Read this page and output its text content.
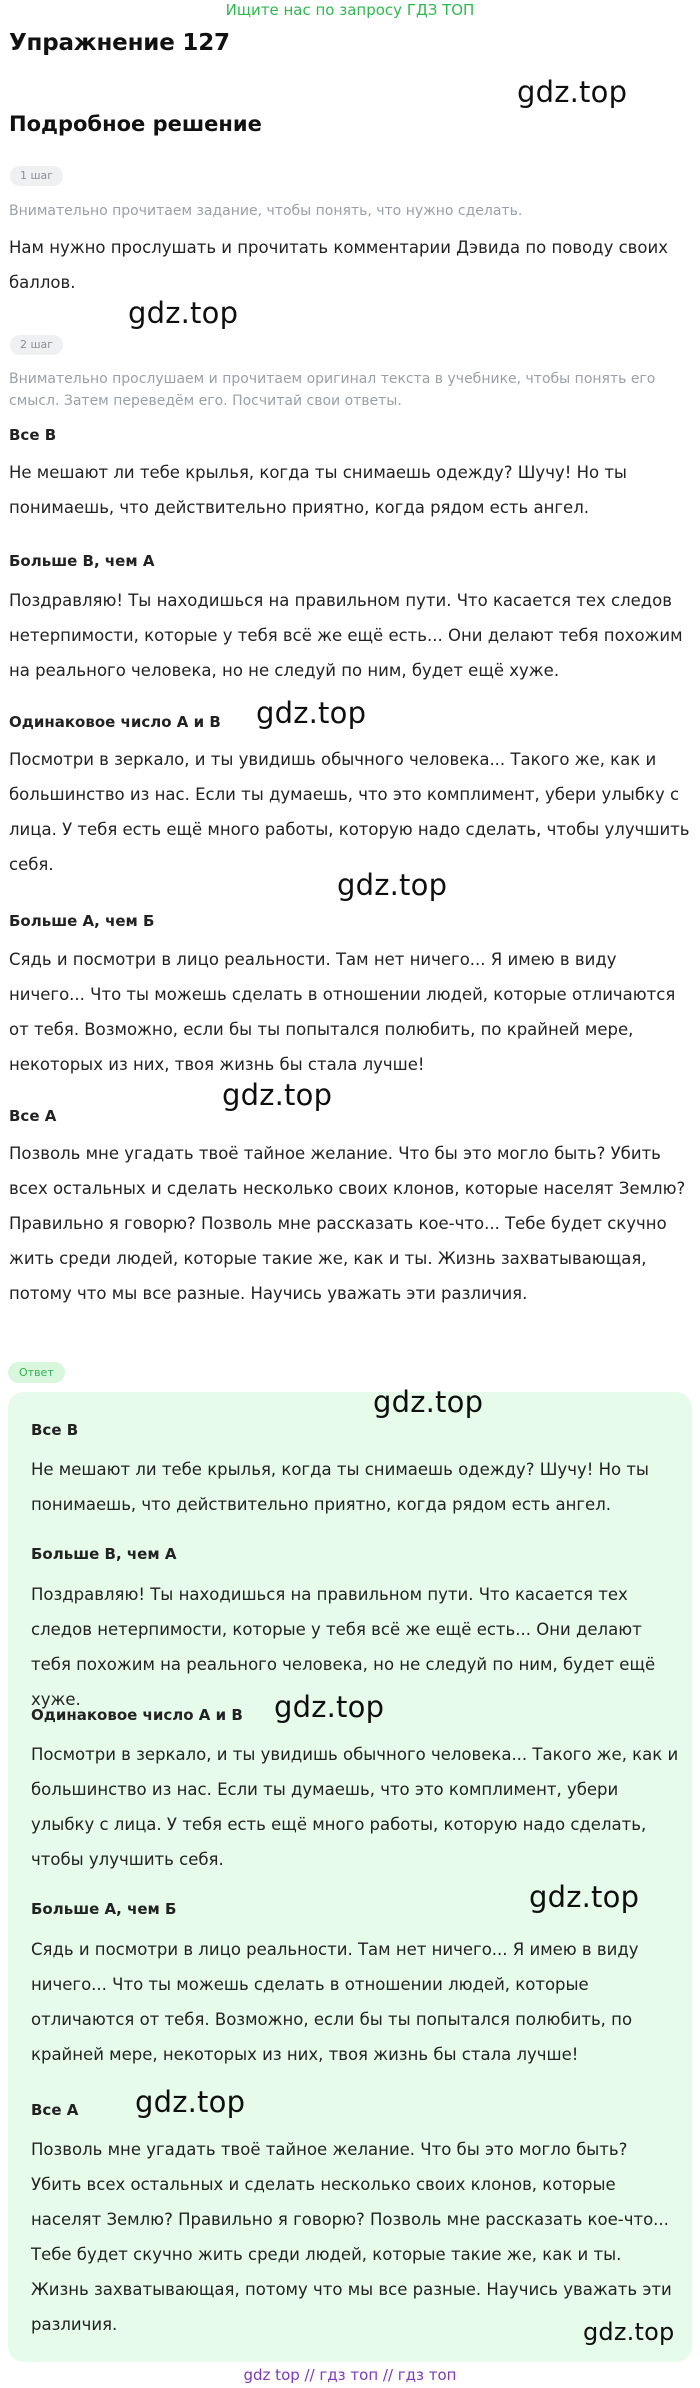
Ищите нас по запросу ГДЗ ТОП
Упражнение 127
Подробное решение
gdz.top
1 шаг

Внимательно прочитаем задание, чтобы понять, что нужно сделать.

Нам нужно прослушать и прочитать комментарии Дэвида по поводу своих баллов.

gdz.top
2 шаг

Внимательно прослушаем и прочитаем оригинал текста в учебнике, чтобы понять его смысл. Затем переведём его. Посчитай свои ответы.

Все В

Не мешают ли тебе крылья, когда ты снимаешь одежду? Шучу! Но ты понимаешь, что действительно приятно, когда рядом есть ангел.

Больше В, чем А

Поздравляю! Ты находишься на правильном пути. Что касается тех следов нетерпимости, которые у тебя всё же ещё есть... Они делают тебя похожим на реального человека, но не следуй по ним, будет ещё хуже.

gdz.top

Одинаковое число А и В

Посмотри в зеркало, и ты увидишь обычного человека... Такого же, как и большинство из нас. Если ты думаешь, что это комплимент, убери улыбку с лица. У тебя есть ещё много работы, которую надо сделать, чтобы улучшить себя.

gdz.top

Больше А, чем Б

Сядь и посмотри в лицо реальности. Там нет ничего... Я имею в виду ничего... Что ты можешь сделать в отношении людей, которые отличаются от тебя. Возможно, если бы ты попытался полюбить, по крайней мере, некоторых из них, твоя жизнь бы стала лучше!

gdz.top

Все А

Позволь мне угадать твоё тайное желание. Что бы это могло быть? Убить всех остальных и сделать несколько своих клонов, которые населят Землю? Правильно я говорю? Позволь мне рассказать кое-что... Тебе будет скучно жить среди людей, которые такие же, как и ты. Жизнь захватывающая, потому что мы все разные. Научись уважать эти различия.

Ответ
gdz.top

Все В

Не мешают ли тебе крылья, когда ты снимаешь одежду? Шучу! Но ты понимаешь, что действительно приятно, когда рядом есть ангел.

Больше В, чем А

Поздравляю! Ты находишься на правильном пути. Что касается тех следов нетерпимости, которые у тебя всё же ещё есть... Они делают тебя похожим на реального человека, но не следуй по ним, будет ещё хуже.	gdz.top

Одинаковое число А и В

Посмотри в зеркало, и ты увидишь обычного человека... Такого же, как и большинство из нас. Если ты думаешь, что это комплимент, убери улыбку с лица. У тебя есть ещё много работы, которую надо сделать, чтобы улучшить себя.

gdz.top

Больше А, чем Б

Сядь и посмотри в лицо реальности. Там нет ничего... Я имею в виду ничего... Что ты можешь сделать в отношении людей, которые отличаются от тебя. Возможно, если бы ты попытался полюбить, по крайней мере, некоторых из них, твоя жизнь бы стала лучше!

gdz.top

Все А

Позволь мне угадать твоё тайное желание. Что бы это могло быть? Убить всех остальных и сделать несколько своих клонов, которые населят Землю? Правильно я говорю? Позволь мне рассказать кое-что... Тебе будет скучно жить среди людей, которые такие же, как и ты. Жизнь захватывающая, потому что мы все разные. Научись уважать эти различия.	gdz.top
gdz top // гдз топ // гдз топ
